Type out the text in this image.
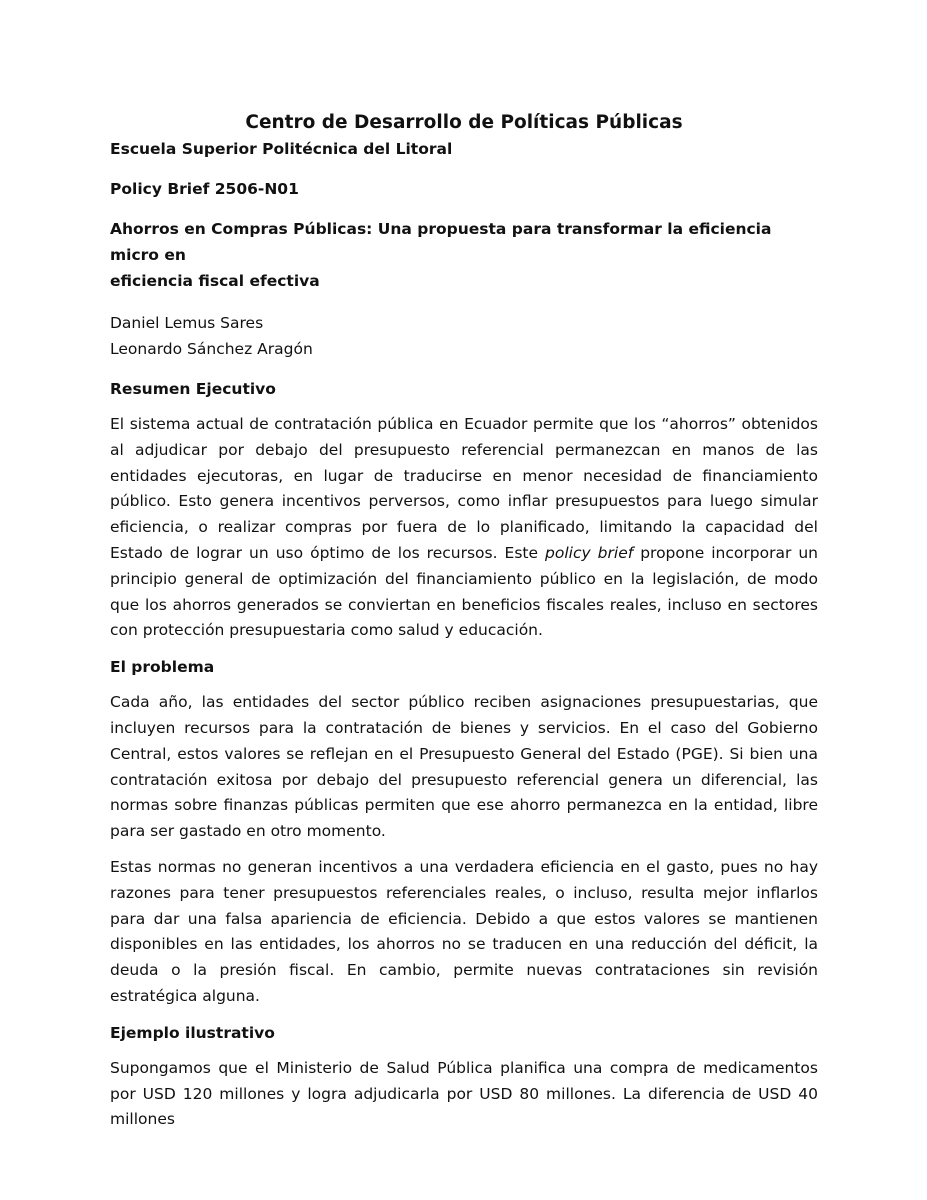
Centro de Desarrollo de Políticas Públicas

Escuela Superior Politécnica del Litoral

Policy Brief 2506-N01

Ahorros en Compras Públicas: Una propuesta para transformar la eficiencia micro en
eficiencia fiscal efectiva

Daniel Lemus Sares

Leonardo Sánchez Aragón

Resumen Ejecutivo

El sistema actual de contratación pública en Ecuador permite que los “ahorros” obtenidos al adjudicar por debajo del presupuesto referencial permanezcan en manos de las entidades ejecutoras, en lugar de traducirse en menor necesidad de financiamiento público. Esto genera incentivos perversos, como inflar presupuestos para luego simular eficiencia, o realizar compras por fuera de lo planificado, limitando la capacidad del Estado de lograr un uso óptimo de los recursos. Este policy brief propone incorporar un principio general de optimización del financiamiento público en la legislación, de modo que los ahorros generados se conviertan en beneficios fiscales reales, incluso en sectores con protección presupuestaria como salud y educación.

El problema

Cada año, las entidades del sector público reciben asignaciones presupuestarias, que incluyen recursos para la contratación de bienes y servicios. En el caso del Gobierno Central, estos valores se reflejan en el Presupuesto General del Estado (PGE). Si bien una contratación exitosa por debajo del presupuesto referencial genera un diferencial, las normas sobre finanzas públicas permiten que ese ahorro permanezca en la entidad, libre para ser gastado en otro momento.

Estas normas no generan incentivos a una verdadera eficiencia en el gasto, pues no hay razones para tener presupuestos referenciales reales, o incluso, resulta mejor inflarlos para dar una falsa apariencia de eficiencia. Debido a que estos valores se mantienen disponibles en las entidades, los ahorros no se traducen en una reducción del déficit, la deuda o la presión fiscal. En cambio, permite nuevas contrataciones sin revisión estratégica alguna.

Ejemplo ilustrativo

Supongamos que el Ministerio de Salud Pública planifica una compra de medicamentos por USD 120 millones y logra adjudicarla por USD 80 millones. La diferencia de USD 40 millones
